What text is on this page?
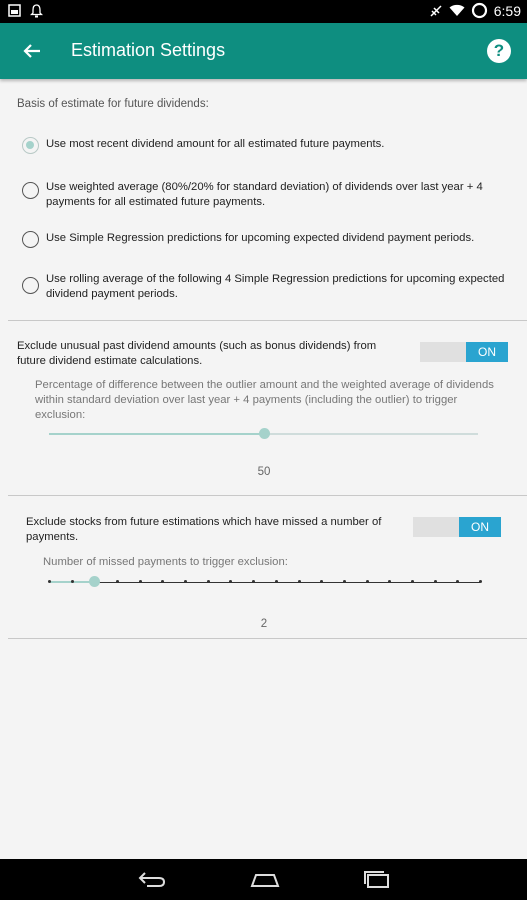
6:59
Estimation Settings	?
Basis of estimate for future dividends:
Use most recent dividend amount for all estimated future payments.
Use weighted average (80%/20% for standard deviation) of dividends over last year + 4 payments for all estimated future payments.
Use Simple Regression predictions for upcoming expected dividend payment periods.
Use rolling average of the following 4 Simple Regression predictions for upcoming expected dividend payment periods.
Exclude unusual past dividend amounts (such as bonus dividends) from future dividend estimate calculations.
ON
Percentage of difference between the outlier amount and the weighted average of dividends within standard deviation over last year + 4 payments (including the outlier) to trigger exclusion:
50
Exclude stocks from future estimations which have missed a number of payments.
ON
Number of missed payments to trigger exclusion:
2
